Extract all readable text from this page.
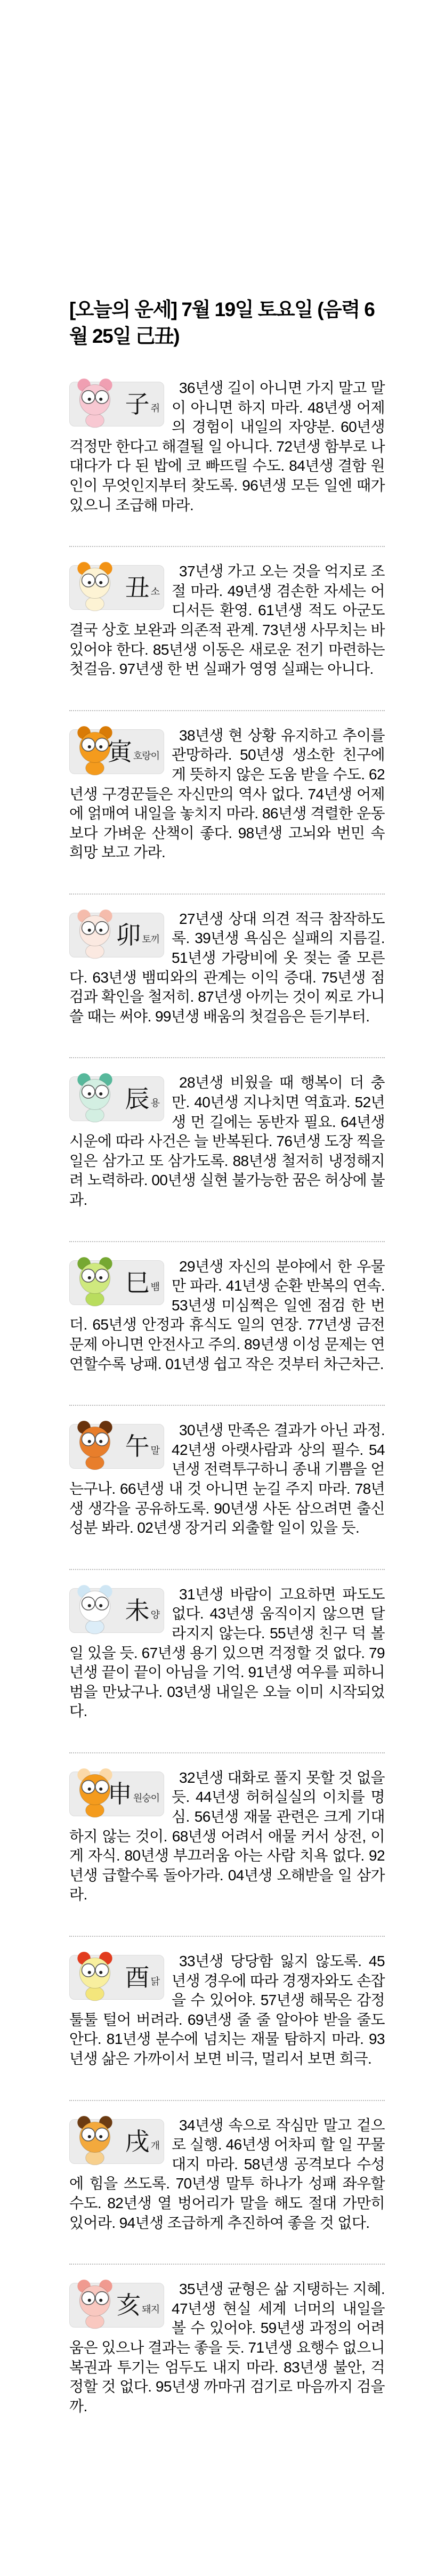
[오늘의 운세] 7월 19일 토요일 (음력 6월 25일 己丑)
子 쥐

36년생 길이 아니면 가지 말고 말이 아니면 하지 마라. 48년생 어제의 경험이 내일의 자양분. 60년생 걱정만 한다고 해결될 일 아니다. 72년생 함부로 나대다가 다 된 밥에 코 빠뜨릴 수도. 84년생 결함 원인이 무엇인지부터 찾도록. 96년생 모든 일엔 때가 있으니 조급해 마라.

丑 소

37년생 가고 오는 것을 억지로 조절 마라. 49년생 겸손한 자세는 어디서든 환영. 61년생 적도 아군도 결국 상호 보완과 의존적 관계. 73년생 사무치는 바 있어야 한다. 85년생 이동은 새로운 전기 마련하는 첫걸음. 97년생 한 번 실패가 영영 실패는 아니다.

寅 호랑이

38년생 현 상황 유지하고 추이를 관망하라. 50년생 생소한 친구에게 뜻하지 않은 도움 받을 수도. 62년생 구경꾼들은 자신만의 역사 없다. 74년생 어제에 얽매여 내일을 놓치지 마라. 86년생 격렬한 운동보다 가벼운 산책이 좋다. 98년생 고뇌와 번민 속 희망 보고 가라.

卯 토끼

27년생 상대 의견 적극 참작하도록. 39년생 욕심은 실패의 지름길. 51년생 가랑비에 옷 젖는 줄 모른다. 63년생 뱀띠와의 관계는 이익 증대. 75년생 점검과 확인을 철저히. 87년생 아끼는 것이 찌로 가니 쓸 때는 써야. 99년생 배움의 첫걸음은 듣기부터.

辰 용

28년생 비웠을 때 행복이 더 충만. 40년생 지나치면 역효과. 52년생 먼 길에는 동반자 필요. 64년생 시운에 따라 사건은 늘 반복된다. 76년생 도장 찍을 일은 삼가고 또 삼가도록. 88년생 철저히 냉정해지려 노력하라. 00년생 실현 불가능한 꿈은 허상에 불과.

巳 뱀

29년생 자신의 분야에서 한 우물만 파라. 41년생 순환 반복의 연속. 53년생 미심쩍은 일엔 점검 한 번 더. 65년생 안정과 휴식도 일의 연장. 77년생 금전 문제 아니면 안전사고 주의. 89년생 이성 문제는 연연할수록 낭패. 01년생 쉽고 작은 것부터 차근차근.

午 말

30년생 만족은 결과가 아닌 과정. 42년생 아랫사람과 상의 필수. 54년생 전력투구하니 종내 기쁨을 얻는구나. 66년생 내 것 아니면 눈길 주지 마라. 78년생 생각을 공유하도록. 90년생 사돈 삼으려면 출신 성분 봐라. 02년생 장거리 외출할 일이 있을 듯.

未 양

31년생 바람이 고요하면 파도도 없다. 43년생 움직이지 않으면 달라지지 않는다. 55년생 친구 덕 볼 일 있을 듯. 67년생 용기 있으면 걱정할 것 없다. 79년생 끝이 끝이 아님을 기억. 91년생 여우를 피하니 범을 만났구나. 03년생 내일은 오늘 이미 시작되었다.

申 원숭이

32년생 대화로 풀지 못할 것 없을 듯. 44년생 허허실실의 이치를 명심. 56년생 재물 관련은 크게 기대하지 않는 것이. 68년생 어려서 애물 커서 상전, 이게 자식. 80년생 부끄러움 아는 사람 치욕 없다. 92년생 급할수록 돌아가라. 04년생 오해받을 일 삼가라.

酉 닭

33년생 당당함 잃지 않도록. 45년생 경우에 따라 경쟁자와도 손잡을 수 있어야. 57년생 해묵은 감정 툴툴 털어 버려라. 69년생 줄 줄 알아야 받을 줄도 안다. 81년생 분수에 넘치는 재물 탐하지 마라. 93년생 삶은 가까이서 보면 비극, 멀리서 보면 희극.

戌 개

34년생 속으로 작심만 말고 겉으로 실행. 46년생 어차피 할 일 꾸물대지 마라. 58년생 공격보다 수성에 힘을 쓰도록. 70년생 말투 하나가 성패 좌우할 수도. 82년생 열 벙어리가 말을 해도 절대 가만히 있어라. 94년생 조급하게 추진하여 좋을 것 없다.

亥 돼지

35년생 균형은 삶 지탱하는 지혜. 47년생 현실 세계 너머의 내일을 볼 수 있어야. 59년생 과정의 어려움은 있으나 결과는 좋을 듯. 71년생 요행수 없으니 복권과 투기는 엄두도 내지 마라. 83년생 불안, 걱정할 것 없다. 95년생 까마귀 검기로 마음까지 검을까.
